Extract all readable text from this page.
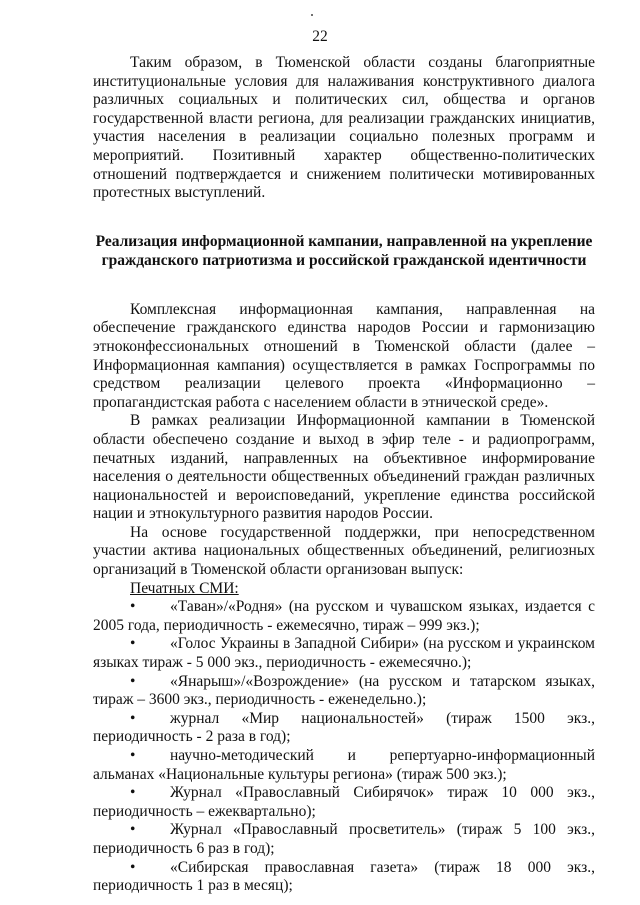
22

Таким образом, в Тюменской области созданы благоприятные институциональные условия для налаживания конструктивного диалога различных социальных и политических сил, общества и органов государственной власти региона, для реализации гражданских инициатив, участия населения в реализации социально полезных программ и мероприятий. Позитивный характер общественно-политических отношений подтверждается и снижением политически мотивированных протестных выступлений.

Реализация информационной кампании, направленной на укрепление
гражданского патриотизма и российской гражданской идентичности

Комплексная информационная кампания, направленная на обеспечение гражданского единства народов России и гармонизацию этноконфессиональных отношений в Тюменской области (далее – Информационная кампания) осуществляется в рамках Госпрограммы по средством реализации целевого проекта «Информационно – пропагандистская работа с населением области в этнической среде».

В рамках реализации Информационной кампании в Тюменской области обеспечено создание и выход в эфир теле - и радиопрограмм, печатных изданий, направленных на объективное информирование населения о деятельности общественных объединений граждан различных национальностей и вероисповеданий, укрепление единства российской нации и этнокультурного развития народов России.

На основе государственной поддержки, при непосредственном участии актива национальных общественных объединений, религиозных организаций в Тюменской области организован выпуск:

Печатных СМИ:

• «Таван»/«Родня» (на русском и чувашском языках, издается с 2005 года, периодичность - ежемесячно, тираж – 999 экз.);
• «Голос Украины в Западной Сибири» (на русском и украинском языках тираж - 5 000 экз., периодичность - ежемесячно.);
• «Янарыш»/«Возрождение» (на русском и татарском языках, тираж – 3600 экз., периодичность - еженедельно.);
• журнал «Мир национальностей» (тираж 1500 экз., периодичность - 2 раза в год);
• научно-методический и репертуарно-информационный альманах «Национальные культуры региона» (тираж 500 экз.);
• Журнал «Православный Сибирячок» тираж 10 000 экз., периодичность – ежеквартально);
• Журнал «Православный просветитель» (тираж 5 100 экз., периодичность 6 раз в год);
• «Сибирская православная газета» (тираж 18 000 экз., периодичность 1 раз в месяц);
